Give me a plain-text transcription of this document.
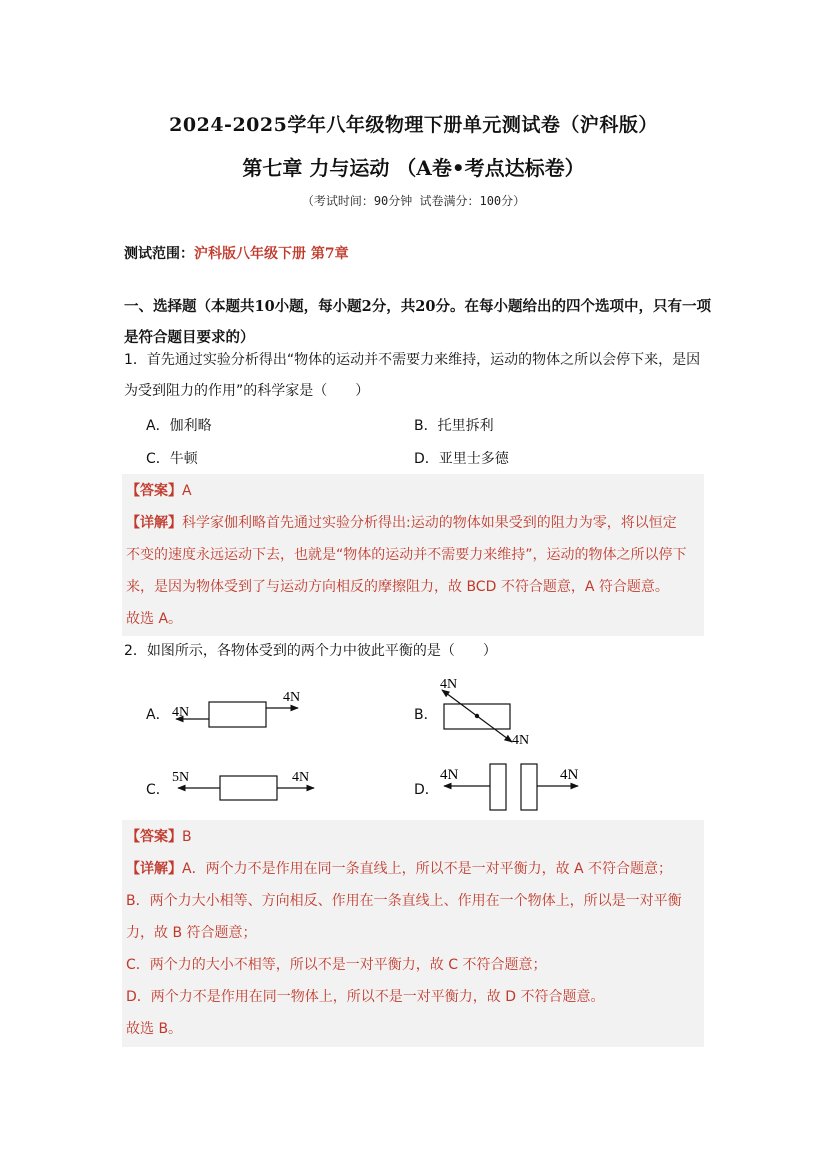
2024-2025学年八年级物理下册单元测试卷（沪科版）
第七章 力与运动 （A卷•考点达标卷）
（考试时间：90分钟 试卷满分：100分）
测试范围：沪科版八年级下册 第7章
一、选择题（本题共10小题，每小题2分，共20分。在每小题给出的四个选项中，只有一项是符合题目要求的）
1．首先通过实验分析得出“物体的运动并不需要力来维持，运动的物体之所以会停下来，是因为受到阻力的作用”的科学家是（　　）
A．伽利略	B．托里拆利
C．牛顿	D．亚里士多德
【答案】A
【详解】科学家伽利略首先通过实验分析得出:运动的物体如果受到的阻力为零，将以恒定
不变的速度永远运动下去，也就是“物体的运动并不需要力来维持”，运动的物体之所以停下
来，是因为物体受到了与运动方向相反的摩擦阻力，故 BCD 不符合题意，A 符合题意。
故选 A。
2．如图所示，各物体受到的两个力中彼此平衡的是（　　）
A．	B．
C．	D．
4N
4N
4N
4N
5N	4N	4N	4N
【答案】B
【详解】A．两个力不是作用在同一条直线上，所以不是一对平衡力，故 A 不符合题意；
B．两个力大小相等、方向相反、作用在一条直线上、作用在一个物体上，所以是一对平衡
力，故 B 符合题意；
C．两个力的大小不相等，所以不是一对平衡力，故 C 不符合题意；
D．两个力不是作用在同一物体上，所以不是一对平衡力，故 D 不符合题意。
故选 B。
